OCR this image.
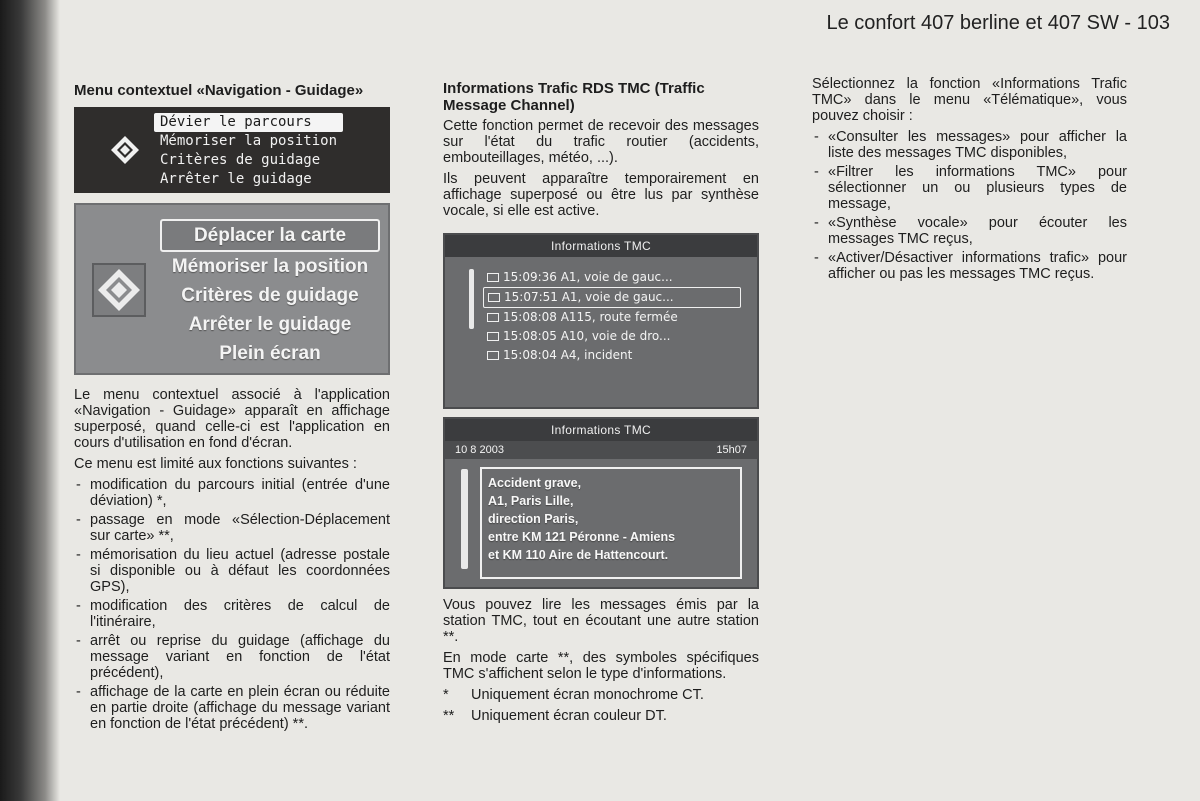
Le confort 407 berline et 407 SW - 103
Menu contextuel «Navigation - Guidage»
Dévier le parcours
Mémoriser la position
Critères de guidage
Arrêter le guidage
Déplacer la carte
Mémoriser la position
Critères de guidage
Arrêter le guidage
Plein écran

Le menu contextuel associé à l'application «Navigation - Guidage» apparaît en affichage superposé, quand celle-ci est l'application en cours d'utilisation en fond d'écran.

Ce menu est limité aux fonctions suivantes :

- modification du parcours initial (entrée d'une déviation) *,
- passage en mode «Sélection-Déplacement sur carte» **,
- mémorisation du lieu actuel (adresse postale si disponible ou à défaut les coordonnées GPS),
- modification des critères de calcul de l'itinéraire,
- arrêt ou reprise du guidage (affichage du message variant en fonction de l'état précédent),
- affichage de la carte en plein écran ou réduite en partie droite (affichage du message variant en fonction de l'état précédent) **.
Informations Trafic RDS TMC (Traffic Message Channel)

Cette fonction permet de recevoir des messages sur l'état du trafic routier (accidents, embouteillages, météo, ...).

Ils peuvent apparaître temporairement en affichage superposé ou être lus par synthèse vocale, si elle est active.

Informations TMC
15:09:36 A1, voie de gauc...
15:07:51 A1, voie de gauc...
15:08:08 A115, route fermée
15:08:05 A10, voie de dro...
15:08:04 A4, incident
Informations TMC
10 8 2003	15h07
Accident grave,
A1, Paris Lille,
direction Paris,
entre KM 121 Péronne - Amiens
et KM 110 Aire de Hattencourt.

Vous pouvez lire les messages émis par la station TMC, tout en écoutant une autre station **.

En mode carte **, des symboles spécifiques TMC s'affichent selon le type d'informations.

*	Uniquement écran monochrome CT.

**	Uniquement écran couleur DT.

Sélectionnez la fonction «Informations Trafic TMC» dans le menu «Télématique», vous pouvez choisir :

- «Consulter les messages» pour afficher la liste des messages TMC disponibles,
- «Filtrer les informations TMC» pour sélectionner un ou plusieurs types de message,
- «Synthèse vocale» pour écouter les messages TMC reçus,
- «Activer/Désactiver informations trafic» pour afficher ou pas les messages TMC reçus.
